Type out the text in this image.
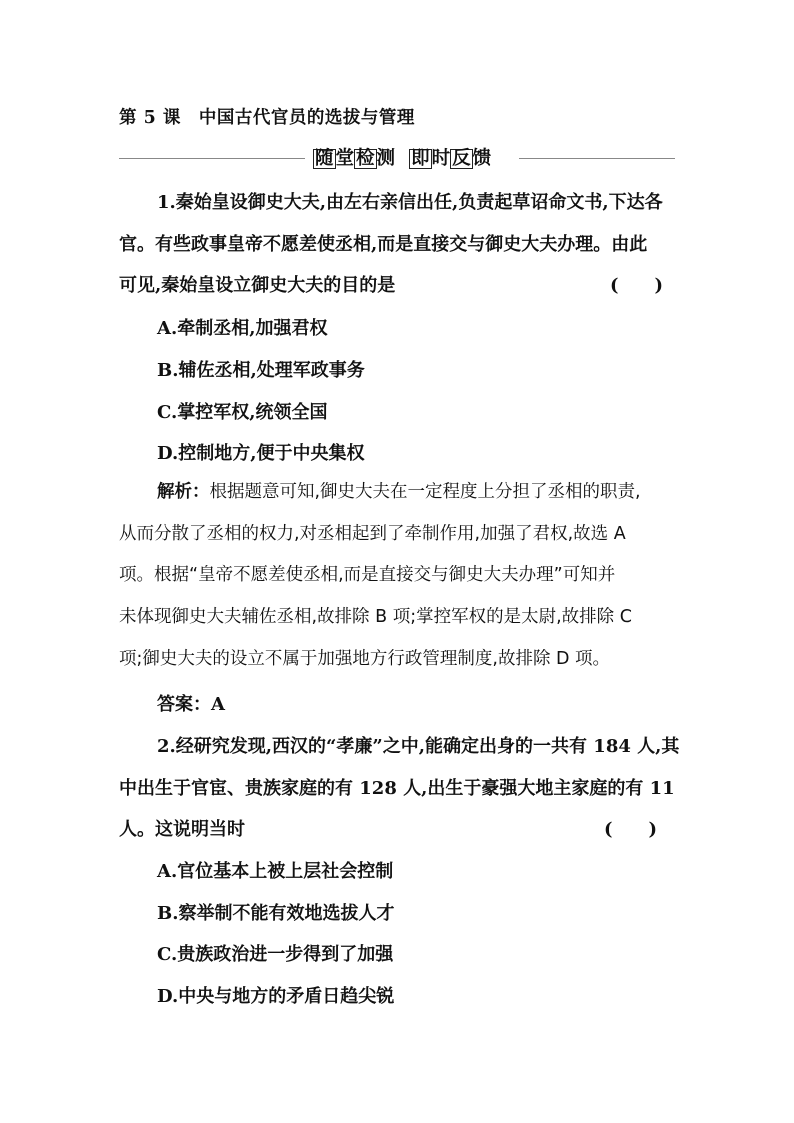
第 5 课 中国古代官员的选拔与管理
随 堂 检 测 即 时 反 馈
1.秦始皇设御史大夫,由左右亲信出任,负责起草诏命文书,下达各
官。有些政事皇帝不愿差使丞相,而是直接交与御史大夫办理。由此
可见,秦始皇设立御史大夫的目的是	(　　)
A.牵制丞相,加强君权
B.辅佐丞相,处理军政事务
C.掌控军权,统领全国
D.控制地方,便于中央集权
解析：根据题意可知,御史大夫在一定程度上分担了丞相的职责,
从而分散了丞相的权力,对丞相起到了牵制作用,加强了君权,故选 A
项。根据“皇帝不愿差使丞相,而是直接交与御史大夫办理”可知并
未体现御史大夫辅佐丞相,故排除 B 项;掌控军权的是太尉,故排除 C
项;御史大夫的设立不属于加强地方行政管理制度,故排除 D 项。
答案：A
2.经研究发现,西汉的“孝廉”之中,能确定出身的一共有 184 人,其
中出生于官宦、贵族家庭的有 128 人,出生于豪强大地主家庭的有 11
人。这说明当时	(　　)
A.官位基本上被上层社会控制
B.察举制不能有效地选拔人才
C.贵族政治进一步得到了加强
D.中央与地方的矛盾日趋尖锐
